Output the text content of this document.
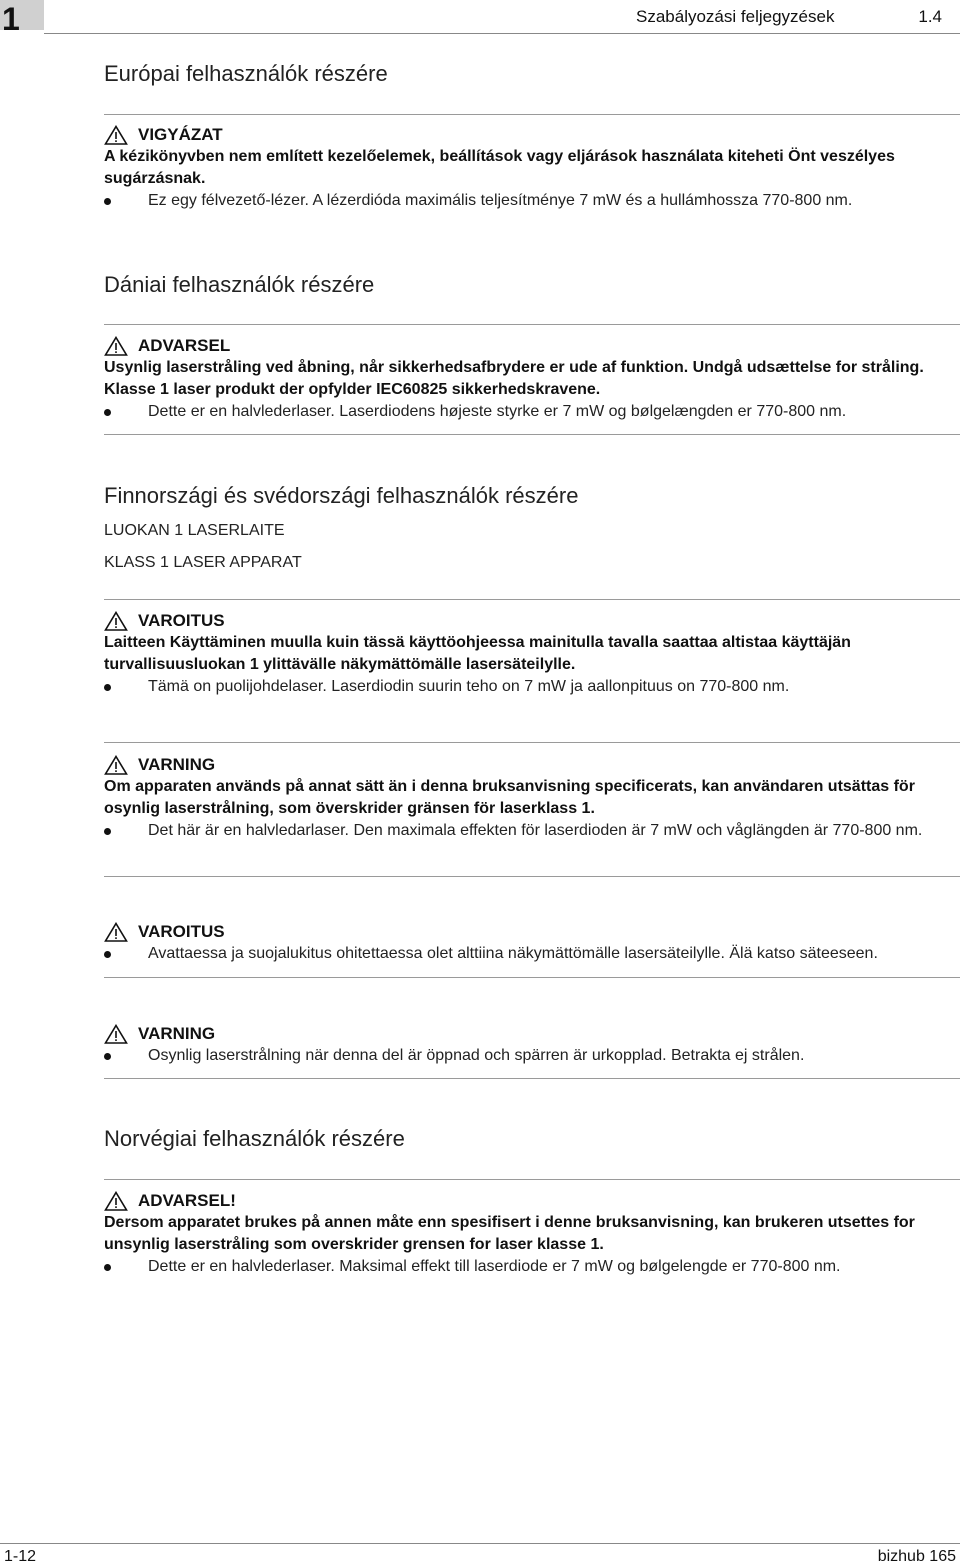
1	Szabályozási feljegyzések	1.4
Európai felhasználók részére
VIGYÁZAT
A kézikönyvben nem említett kezelőelemek, beállítások vagy eljárások használata kiteheti Önt veszélyes sugárzásnak.
Ez egy félvezető-lézer. A lézerdióda maximális teljesítménye 7 mW és a hullámhossza 770-800 nm.
Dániai felhasználók részére
ADVARSEL
Usynlig laserstråling ved åbning, når sikkerhedsafbrydere er ude af funktion. Undgå udsættelse for stråling. Klasse 1 laser produkt der opfylder IEC60825 sikkerhedskravene.
Dette er en halvlederlaser. Laserdiodens højeste styrke er 7 mW og bølgelængden er 770-800 nm.
Finnországi és svédországi felhasználók részére
LUOKAN 1 LASERLAITE
KLASS 1 LASER APPARAT
VAROITUS
Laitteen Käyttäminen muulla kuin tässä käyttöohjeessa mainitulla tavalla saattaa altistaa käyttäjän turvallisuusluokan 1 ylittävälle näkymättömälle lasersäteilylle.
Tämä on puolijohdelaser. Laserdiodin suurin teho on 7 mW ja aallonpituus on 770-800 nm.
VARNING
Om apparaten används på annat sätt än i denna bruksanvisning specificerats, kan användaren utsättas för osynlig laserstrålning, som överskrider gränsen för laserklass 1.
Det här är en halvledarlaser. Den maximala effekten för laserdioden är 7 mW och våglängden är 770-800 nm.
VAROITUS
Avattaessa ja suojalukitus ohitettaessa olet alttiina näkymättömälle lasersäteilylle. Älä katso säteeseen.
VARNING
Osynlig laserstrålning när denna del är öppnad och spärren är urkopplad. Betrakta ej strålen.
Norvégiai felhasználók részére
ADVARSEL!
Dersom apparatet brukes på annen måte enn spesifisert i denne bruksanvisning, kan brukeren utsettes for unsynlig laserstråling som overskrider grensen for laser klasse 1.
Dette er en halvlederlaser. Maksimal effekt till laserdiode er 7 mW og bølgelengde er 770-800 nm.
1-12	bizhub 165
